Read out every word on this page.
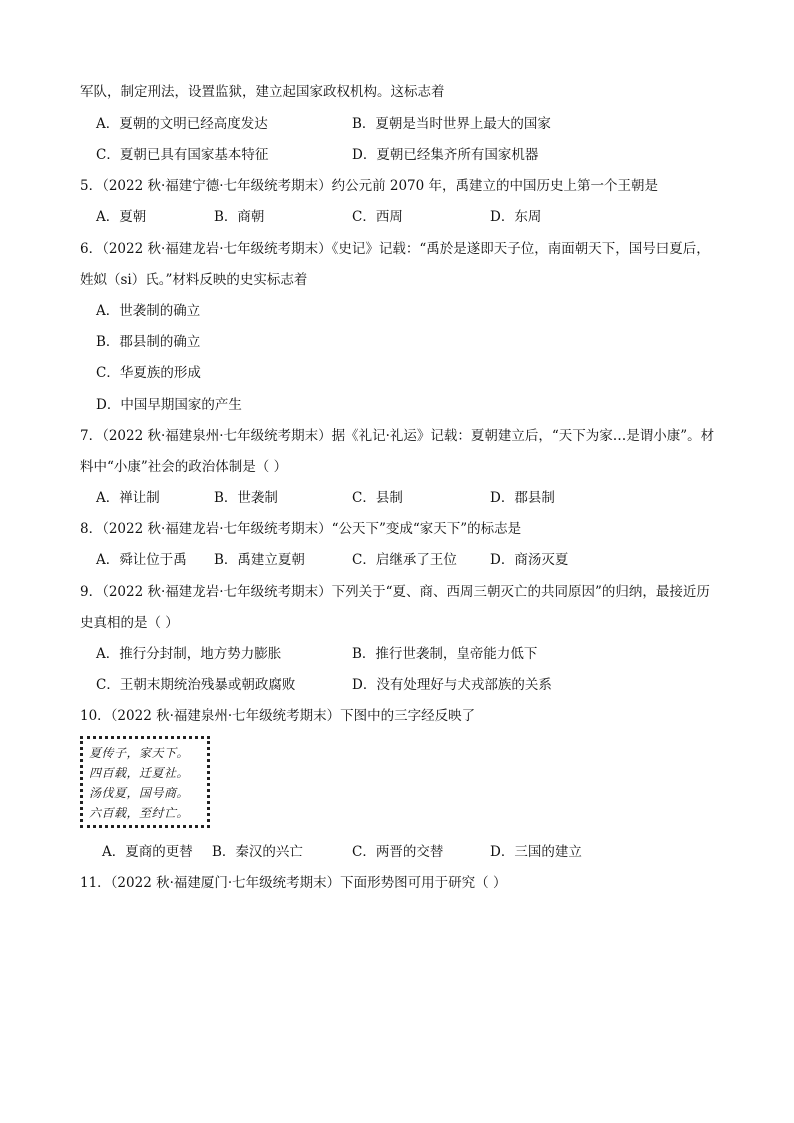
军队，制定刑法，设置监狱，建立起国家政权机构。这标志着
A．夏朝的文明已经高度发达	B．夏朝是当时世界上最大的国家
C．夏朝已具有国家基本特征	D．夏朝已经集齐所有国家机器
5．（2022 秋·福建宁德·七年级统考期末）约公元前 2070 年，禹建立的中国历史上第一个王朝是
A．夏朝	B．商朝	C．西周	D．东周
6．（2022 秋·福建龙岩·七年级统考期末）《史记》记载：“禹於是遂即天子位，南面朝天下，国号曰夏后，
姓姒（si）氏。”材料反映的史实标志着
A．世袭制的确立
B．郡县制的确立
C．华夏族的形成
D．中国早期国家的产生
7．（2022 秋·福建泉州·七年级统考期末）据《礼记·礼运》记载：夏朝建立后，“天下为家…是谓小康”。材
料中“小康”社会的政治体制是（ ）
A．禅让制	B．世袭制	C．县制	D．郡县制
8．（2022 秋·福建龙岩·七年级统考期末）“公天下”变成“家天下”的标志是
A．舜让位于禹 B．禹建立夏朝	C．启继承了王位 D．商汤灭夏
9．（2022 秋·福建龙岩·七年级统考期末）下列关于“夏、商、西周三朝灭亡的共同原因”的归纳，最接近历
史真相的是（ ）
A．推行分封制，地方势力膨胀	B．推行世袭制，皇帝能力低下
C．王朝末期统治残暴或朝政腐败	D．没有处理好与犬戎部族的关系
10．（2022 秋·福建泉州·七年级统考期末）下图中的三字经反映了
夏传子，家天下。
四百载，迁夏社。
汤伐夏，国号商。
六百载，至纣亡。
A．夏商的更替 B．秦汉的兴亡	C．两晋的交替	D．三国的建立
11．（2022 秋·福建厦门·七年级统考期末）下面形势图可用于研究（ ）
